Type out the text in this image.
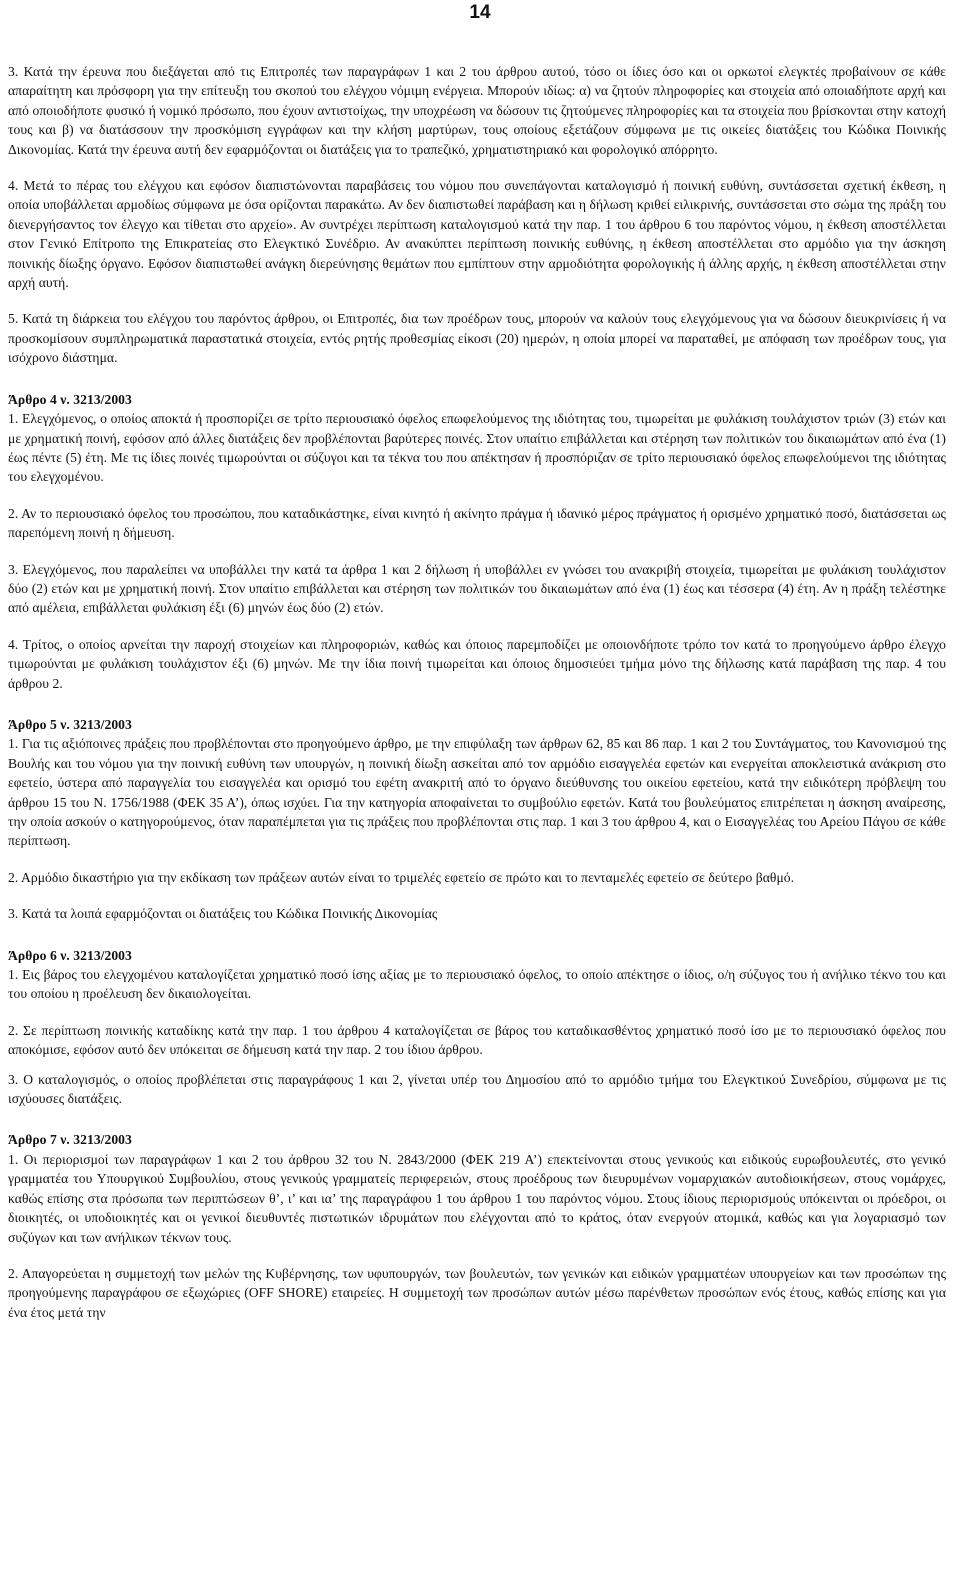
14

3. Κατά την έρευνα που διεξάγεται από τις Επιτροπές των παραγράφων 1 και 2 του άρθρου αυτού, τόσο οι ίδιες όσο και οι ορκωτοί ελεγκτές προβαίνουν σε κάθε απαραίτητη και πρόσφορη για την επίτευξη του σκοπού του ελέγχου νόμιμη ενέργεια. Μπορούν ιδίως: α) να ζητούν πληροφορίες και στοιχεία από οποιαδήποτε αρχή και από οποιοδήποτε φυσικό ή νομικό πρόσωπο, που έχουν αντιστοίχως, την υποχρέωση να δώσουν τις ζητούμενες πληροφορίες και τα στοιχεία που βρίσκονται στην κατοχή τους και β) να διατάσσουν την προσκόμιση εγγράφων και την κλήση μαρτύρων, τους οποίους εξετάζουν σύμφωνα με τις οικείες διατάξεις του Κώδικα Ποινικής Δικονομίας. Κατά την έρευνα αυτή δεν εφαρμόζονται οι διατάξεις για το τραπεζικό, χρηματιστηριακό και φορολογικό απόρρητο.

4. Μετά το πέρας του ελέγχου και εφόσον διαπιστώνονται παραβάσεις του νόμου που συνεπάγονται καταλογισμό ή ποινική ευθύνη, συντάσσεται σχετική έκθεση, η οποία υποβάλλεται αρμοδίως σύμφωνα με όσα ορίζονται παρακάτω. Αν δεν διαπιστωθεί παράβαση και η δήλωση κριθεί ειλικρινής, συντάσσεται στο σώμα της πράξη του διενεργήσαντος τον έλεγχο και τίθεται στο αρχείο». Αν συντρέχει περίπτωση καταλογισμού κατά την παρ. 1 του άρθρου 6 του παρόντος νόμου, η έκθεση αποστέλλεται στον Γενικό Επίτροπο της Επικρατείας στο Ελεγκτικό Συνέδριο. Αν ανακύπτει περίπτωση ποινικής ευθύνης, η έκθεση αποστέλλεται στο αρμόδιο για την άσκηση ποινικής δίωξης όργανο. Εφόσον διαπιστωθεί ανάγκη διερεύνησης θεμάτων που εμπίπτουν στην αρμοδιότητα φορολογικής ή άλλης αρχής, η έκθεση αποστέλλεται στην αρχή αυτή.

5. Κατά τη διάρκεια του ελέγχου του παρόντος άρθρου, οι Επιτροπές, δια των προέδρων τους, μπορούν να καλούν τους ελεγχόμενους για να δώσουν διευκρινίσεις ή να προσκομίσουν συμπληρωματικά παραστατικά στοιχεία, εντός ρητής προθεσμίας είκοσι (20) ημερών, η οποία μπορεί να παραταθεί, με απόφαση των προέδρων τους, για ισόχρονο διάστημα.

Άρθρο 4 ν. 3213/2003

1. Ελεγχόμενος, ο οποίος αποκτά ή προσπορίζει σε τρίτο περιουσιακό όφελος επωφελούμενος της ιδιότητας του, τιμωρείται με φυλάκιση τουλάχιστον τριών (3) ετών και με χρηματική ποινή, εφόσον από άλλες διατάξεις δεν προβλέπονται βαρύτερες ποινές. Στον υπαίτιο επιβάλλεται και στέρηση των πολιτικών του δικαιωμάτων από ένα (1) έως πέντε (5) έτη. Με τις ίδιες ποινές τιμωρούνται οι σύζυγοι και τα τέκνα του που απέκτησαν ή προσπόριζαν σε τρίτο περιουσιακό όφελος επωφελούμενοι της ιδιότητας του ελεγχομένου.

2. Αν το περιουσιακό όφελος του προσώπου, που καταδικάστηκε, είναι κινητό ή ακίνητο πράγμα ή ιδανικό μέρος πράγματος ή ορισμένο χρηματικό ποσό, διατάσσεται ως παρεπόμενη ποινή η δήμευση.

3. Ελεγχόμενος, που παραλείπει να υποβάλλει την κατά τα άρθρα 1 και 2 δήλωση ή υποβάλλει εν γνώσει του ανακριβή στοιχεία, τιμωρείται με φυλάκιση τουλάχιστον δύο (2) ετών και με χρηματική ποινή. Στον υπαίτιο επιβάλλεται και στέρηση των πολιτικών του δικαιωμάτων από ένα (1) έως και τέσσερα (4) έτη. Αν η πράξη τελέστηκε από αμέλεια, επιβάλλεται φυλάκιση έξι (6) μηνών έως δύο (2) ετών.

4. Τρίτος, ο οποίος αρνείται την παροχή στοιχείων και πληροφοριών, καθώς και όποιος παρεμποδίζει με οποιονδήποτε τρόπο τον κατά το προηγούμενο άρθρο έλεγχο τιμωρούνται με φυλάκιση τουλάχιστον έξι (6) μηνών. Με την ίδια ποινή τιμωρείται και όποιος δημοσιεύει τμήμα μόνο της δήλωσης κατά παράβαση της παρ. 4 του άρθρου 2.

Άρθρο 5 ν. 3213/2003

1. Για τις αξιόποινες πράξεις που προβλέπονται στο προηγούμενο άρθρο, με την επιφύλαξη των άρθρων 62, 85 και 86 παρ. 1 και 2 του Συντάγματος, του Κανονισμού της Βουλής και του νόμου για την ποινική ευθύνη των υπουργών, η ποινική δίωξη ασκείται από τον αρμόδιο εισαγγελέα εφετών και ενεργείται αποκλειστικά ανάκριση στο εφετείο, ύστερα από παραγγελία του εισαγγελέα και ορισμό του εφέτη ανακριτή από το όργανο διεύθυνσης του οικείου εφετείου, κατά την ειδικότερη πρόβλεψη του άρθρου 15 του Ν. 1756/1988 (ΦΕΚ 35 Α’), όπως ισχύει. Για την κατηγορία αποφαίνεται το συμβούλιο εφετών. Κατά του βουλεύματος επιτρέπεται η άσκηση αναίρεσης, την οποία ασκούν ο κατηγορούμενος, όταν παραπέμπεται για τις πράξεις που προβλέπονται στις παρ. 1 και 3 του άρθρου 4, και ο Εισαγγελέας του Αρείου Πάγου σε κάθε περίπτωση.

2. Αρμόδιο δικαστήριο για την εκδίκαση των πράξεων αυτών είναι το τριμελές εφετείο σε πρώτο και το πενταμελές εφετείο σε δεύτερο βαθμό.

3. Κατά τα λοιπά εφαρμόζονται οι διατάξεις του Κώδικα Ποινικής Δικονομίας

Άρθρο 6 ν. 3213/2003

1. Εις βάρος του ελεγχομένου καταλογίζεται χρηματικό ποσό ίσης αξίας με το περιουσιακό όφελος, το οποίο απέκτησε ο ίδιος, ο/η σύζυγος του ή ανήλικο τέκνο του και του οποίου η προέλευση δεν δικαιολογείται.

2. Σε περίπτωση ποινικής καταδίκης κατά την παρ. 1 του άρθρου 4 καταλογίζεται σε βάρος του καταδικασθέντος χρηματικό ποσό ίσο με το περιουσιακό όφελος που αποκόμισε, εφόσον αυτό δεν υπόκειται σε δήμευση κατά την παρ. 2 του ίδιου άρθρου.

3. Ο καταλογισμός, ο οποίος προβλέπεται στις παραγράφους 1 και 2, γίνεται υπέρ του Δημοσίου από το αρμόδιο τμήμα του Ελεγκτικού Συνεδρίου, σύμφωνα με τις ισχύουσες διατάξεις.

Άρθρο 7 ν. 3213/2003

1. Οι περιορισμοί των παραγράφων 1 και 2 του άρθρου 32 του Ν. 2843/2000 (ΦΕΚ 219 Α’) επεκτείνονται στους γενικούς και ειδικούς ευρωβουλευτές, στο γενικό γραμματέα του Υπουργικού Συμβουλίου, στους γενικούς γραμματείς περιφερειών, στους προέδρους των διευρυμένων νομαρχιακών αυτοδιοικήσεων, στους νομάρχες, καθώς επίσης στα πρόσωπα των περιπτώσεων θ’, ι’ και ια’ της παραγράφου 1 του άρθρου 1 του παρόντος νόμου. Στους ίδιους περιορισμούς υπόκεινται οι πρόεδροι, οι διοικητές, οι υποδιοικητές και οι γενικοί διευθυντές πιστωτικών ιδρυμάτων που ελέγχονται από το κράτος, όταν ενεργούν ατομικά, καθώς και για λογαριασμό των συζύγων και των ανήλικων τέκνων τους.

2. Απαγορεύεται η συμμετοχή των μελών της Κυβέρνησης, των υφυπουργών, των βουλευτών, των γενικών και ειδικών γραμματέων υπουργείων και των προσώπων της προηγούμενης παραγράφου σε εξωχώριες (OFF SHORE) εταιρείες. Η συμμετοχή των προσώπων αυτών μέσω παρένθετων προσώπων ενός έτους, καθώς επίσης και για ένα έτος μετά την
